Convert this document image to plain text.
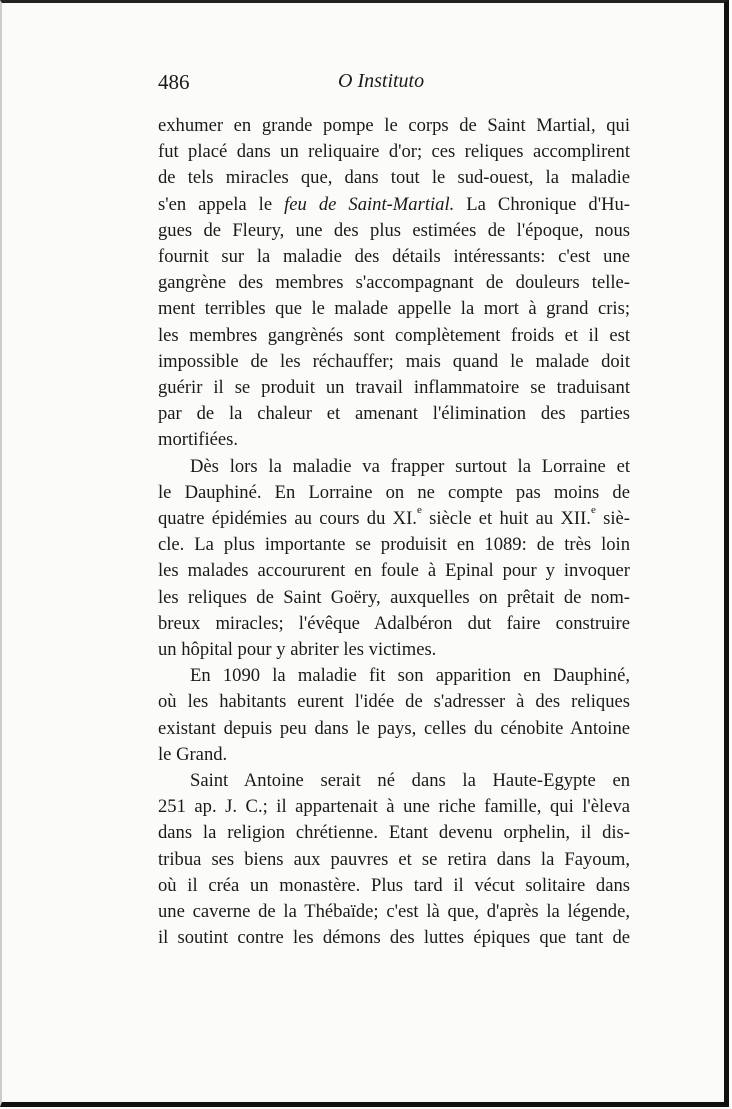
486	O Instituto

exhumer en grande pompe le corps de Saint Martial, qui
fut placé dans un reliquaire d'or; ces reliques accomplirent
de tels miracles que, dans tout le sud-ouest, la maladie
s'en appela le feu de Saint-Martial. La Chronique d'Hu-
gues de Fleury, une des plus estimées de l'époque, nous
fournit sur la maladie des détails intéressants: c'est une
gangrène des membres s'accompagnant de douleurs telle-
ment terribles que le malade appelle la mort à grand cris;
les membres gangrènés sont complètement froids et il est
impossible de les réchauffer; mais quand le malade doit
guérir il se produit un travail inflammatoire se traduisant
par de la chaleur et amenant l'élimination des parties
mortifiées.

Dès lors la maladie va frapper surtout la Lorraine et
le Dauphiné. En Lorraine on ne compte pas moins de
quatre épidémies au cours du XI.$^e$ siècle et huit au XII.$^e$ siè-
cle. La plus importante se produisit en 1089: de très loin
les malades accoururent en foule à Epinal pour y invoquer
les reliques de Saint Goëry, auxquelles on prêtait de nom-
breux miracles; l'évêque Adalbéron dut faire construire
un hôpital pour y abriter les victimes.

En 1090 la maladie fit son apparition en Dauphiné,
où les habitants eurent l'idée de s'adresser à des reliques
existant depuis peu dans le pays, celles du cénobite Antoine
le Grand.

Saint Antoine serait né dans la Haute-Egypte en
251 ap. J. C.; il appartenait à une riche famille, qui l'èleva
dans la religion chrétienne. Etant devenu orphelin, il dis-
tribua ses biens aux pauvres et se retira dans la Fayoum,
où il créa un monastère. Plus tard il vécut solitaire dans
une caverne de la Thébaïde; c'est là que, d'après la légende,
il soutint contre les démons des luttes épiques que tant de
